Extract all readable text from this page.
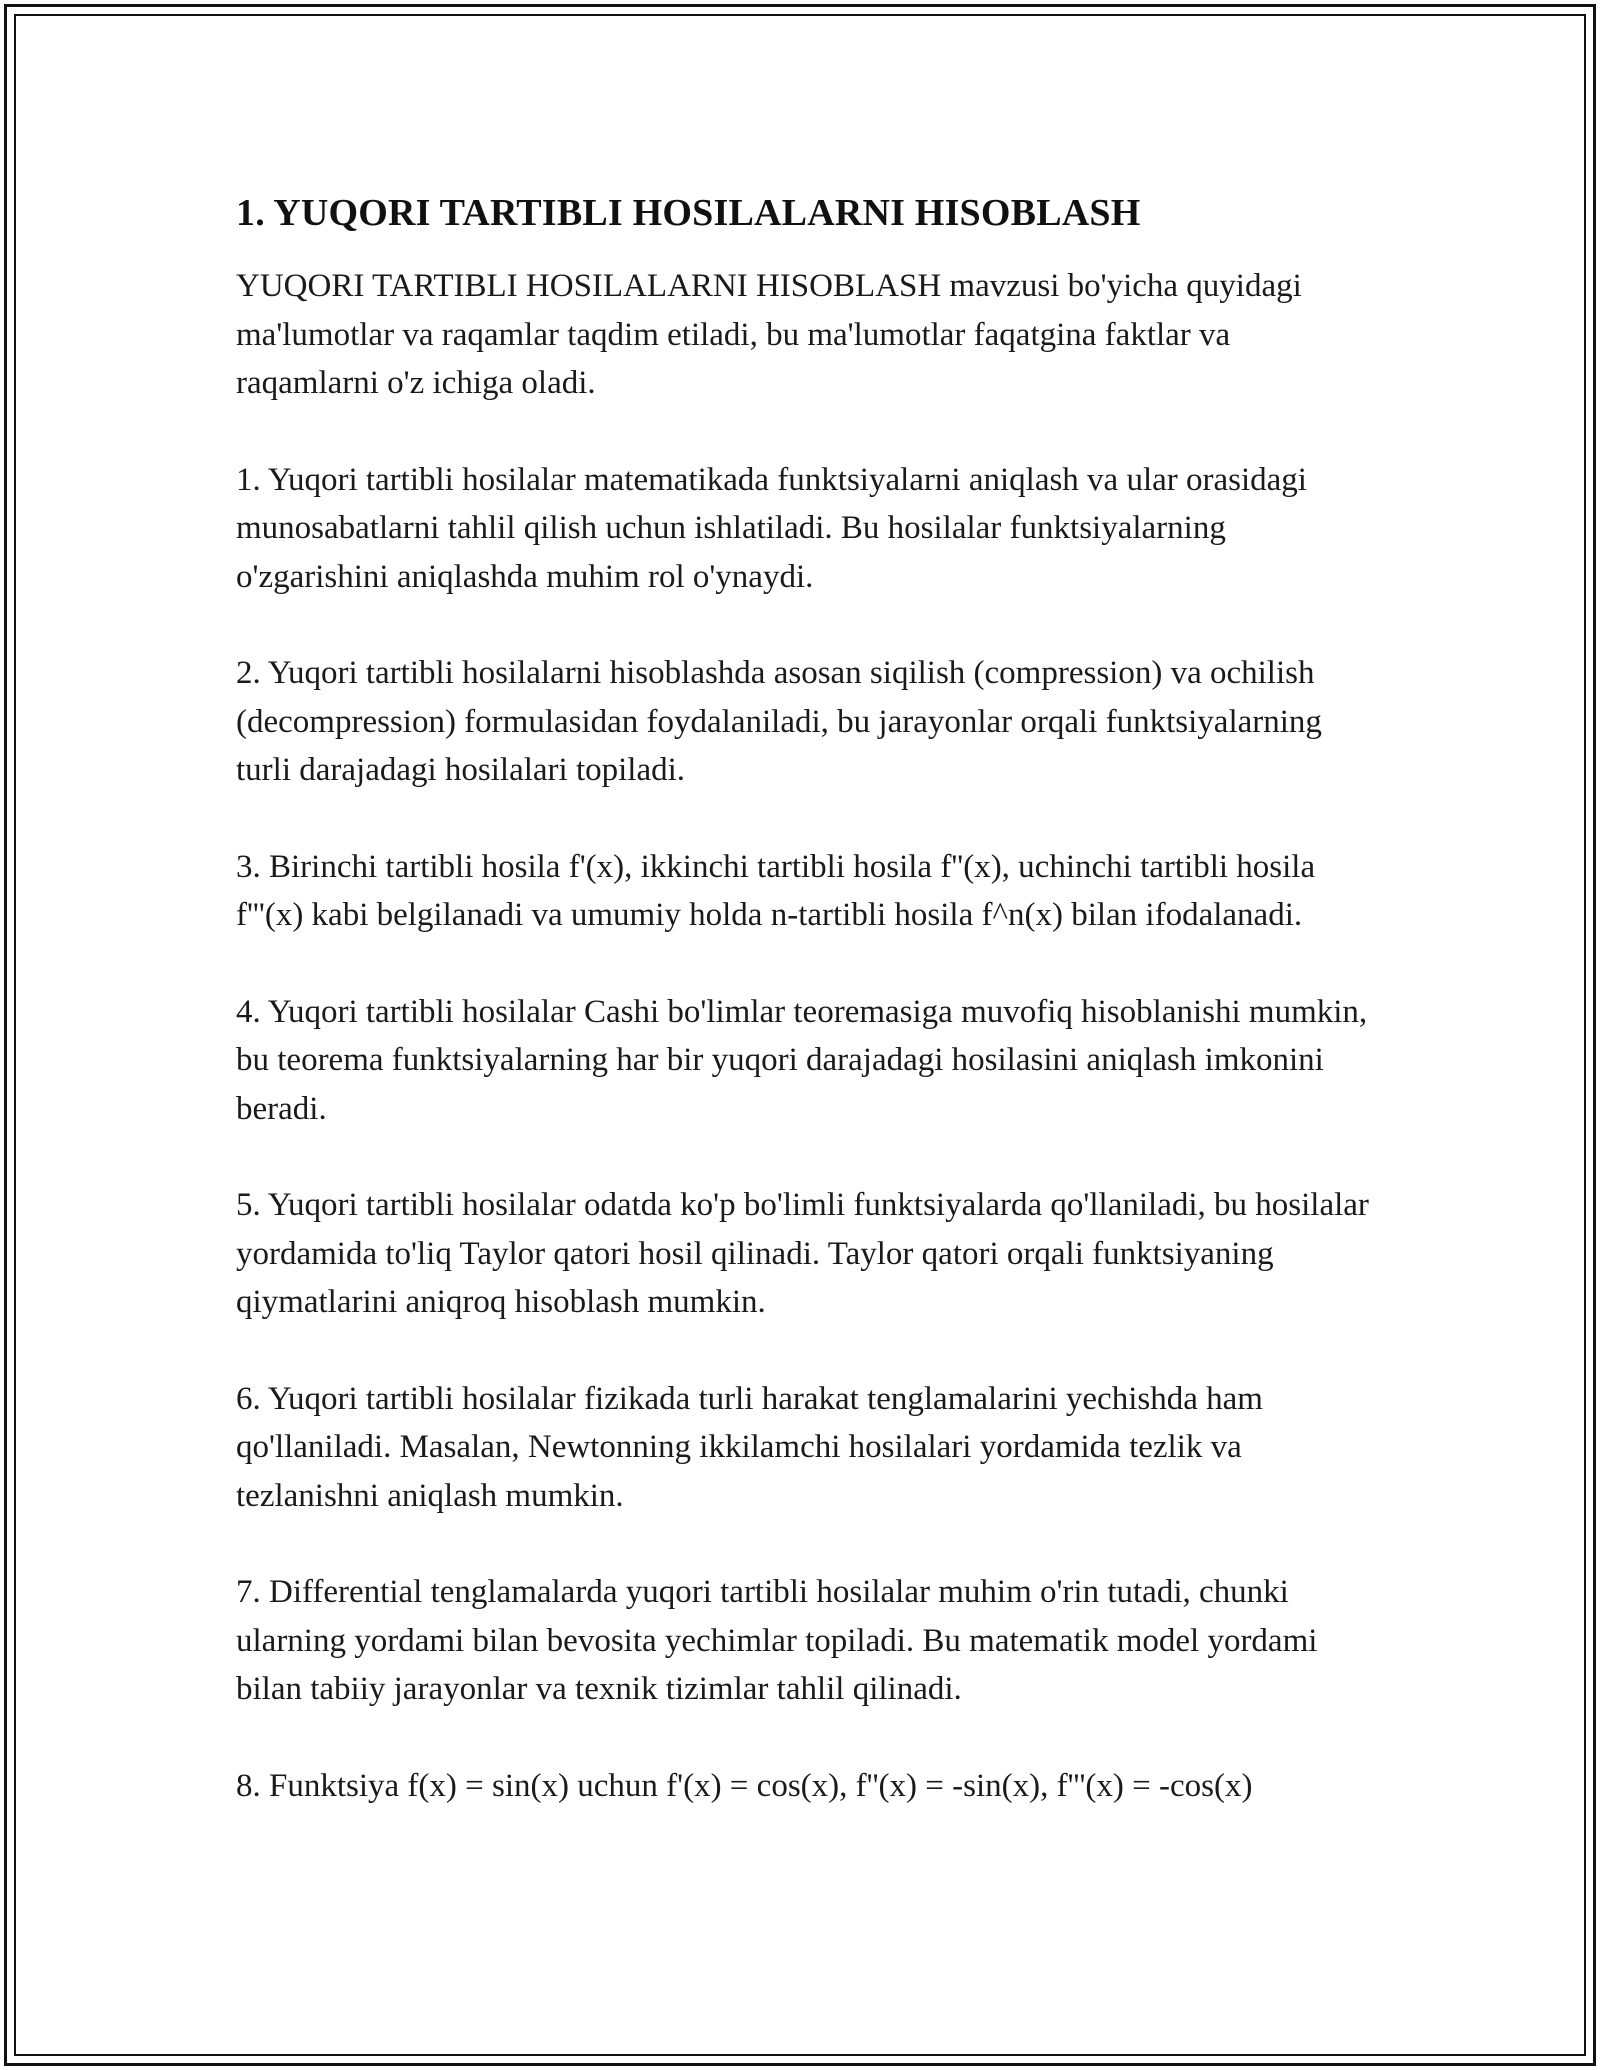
1. YUQORI TARTIBLI HOSILALARNI HISOBLASH

YUQORI TARTIBLI HOSILALARNI HISOBLASH mavzusi bo'yicha quyidagi ma'lumotlar va raqamlar taqdim etiladi, bu ma'lumotlar faqatgina faktlar va raqamlarni o'z ichiga oladi.

1. Yuqori tartibli hosilalar matematikada funktsiyalarni aniqlash va ular orasidagi munosabatlarni tahlil qilish uchun ishlatiladi. Bu hosilalar funktsiyalarning o'zgarishini aniqlashda muhim rol o'ynaydi.

2. Yuqori tartibli hosilalarni hisoblashda asosan siqilish (compression) va ochilish (decompression) formulasidan foydalaniladi, bu jarayonlar orqali funktsiyalarning turli darajadagi hosilalari topiladi.

3. Birinchi tartibli hosila f'(x), ikkinchi tartibli hosila f''(x), uchinchi tartibli hosila f'''(x) kabi belgilanadi va umumiy holda n-tartibli hosila f^n(x) bilan ifodalanadi.

4. Yuqori tartibli hosilalar Cashi bo'limlar teoremasiga muvofiq hisoblanishi mumkin, bu teorema funktsiyalarning har bir yuqori darajadagi hosilasini aniqlash imkonini beradi.

5. Yuqori tartibli hosilalar odatda ko'p bo'limli funktsiyalarda qo'llaniladi, bu hosilalar yordamida to'liq Taylor qatori hosil qilinadi. Taylor qatori orqali funktsiyaning qiymatlarini aniqroq hisoblash mumkin.

6. Yuqori tartibli hosilalar fizikada turli harakat tenglamalarini yechishda ham qo'llaniladi. Masalan, Newtonning ikkilamchi hosilalari yordamida tezlik va tezlanishni aniqlash mumkin.

7. Differential tenglamalarda yuqori tartibli hosilalar muhim o'rin tutadi, chunki ularning yordami bilan bevosita yechimlar topiladi. Bu matematik model yordami bilan tabiiy jarayonlar va texnik tizimlar tahlil qilinadi.

8. Funktsiya f(x) = sin(x) uchun f'(x) = cos(x), f''(x) = -sin(x), f'''(x) = -cos(x)
